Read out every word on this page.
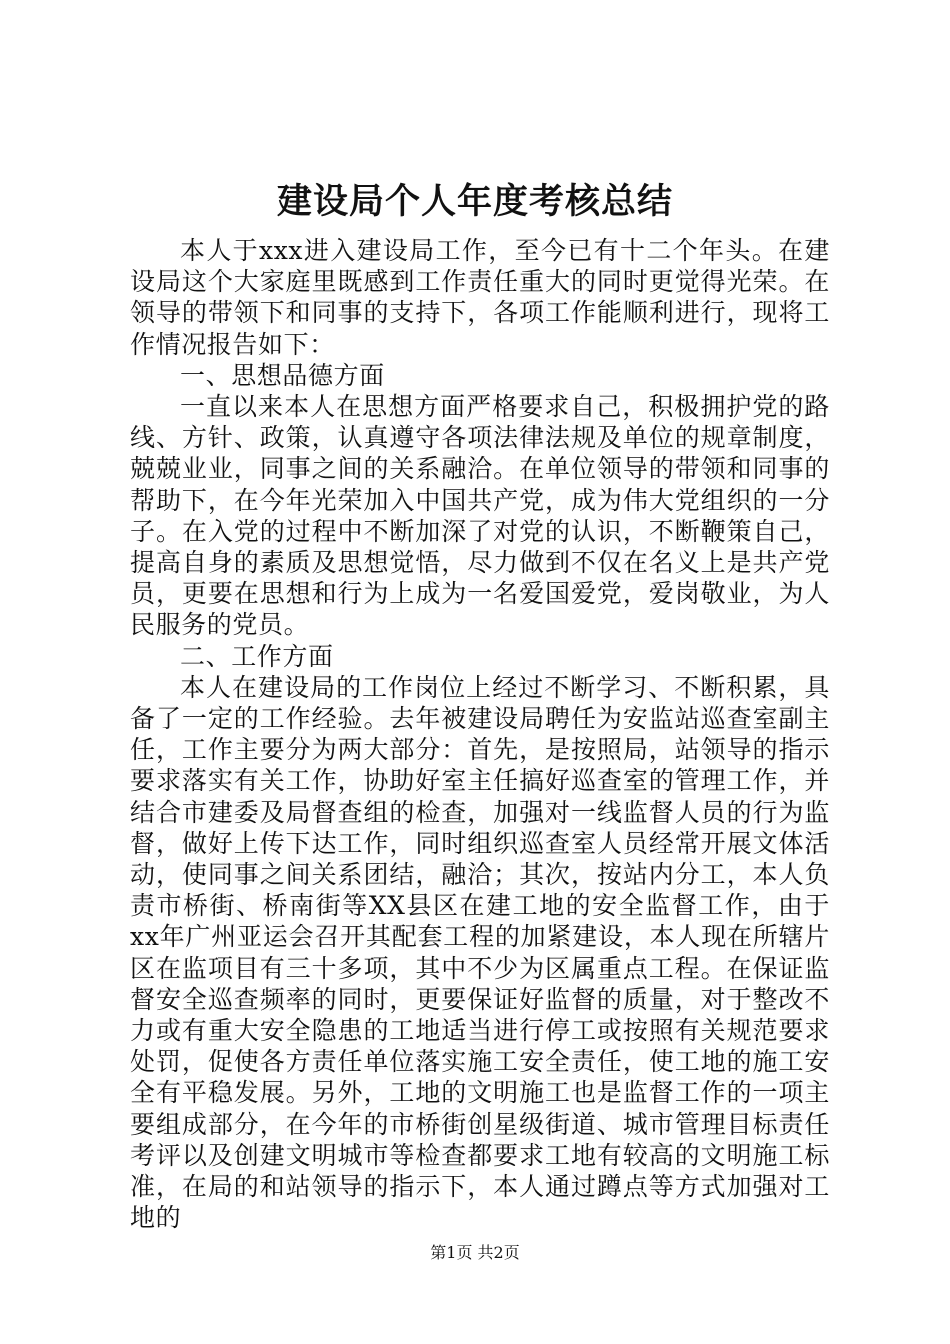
建设局个人年度考核总结

本人于xxx进入建设局工作，至今已有十二个年头。在建设局这个大家庭里既感到工作责任重大的同时更觉得光荣。在领导的带领下和同事的支持下，各项工作能顺利进行，现将工作情况报告如下：

一、思想品德方面

一直以来本人在思想方面严格要求自己，积极拥护党的路线、方针、政策，认真遵守各项法律法规及单位的规章制度，兢兢业业，同事之间的关系融洽。在单位领导的带领和同事的帮助下，在今年光荣加入中国共产党，成为伟大党组织的一分子。在入党的过程中不断加深了对党的认识，不断鞭策自己，提高自身的素质及思想觉悟，尽力做到不仅在名义上是共产党员，更要在思想和行为上成为一名爱国爱党，爱岗敬业，为人民服务的党员。

二、工作方面

本人在建设局的工作岗位上经过不断学习、不断积累，具备了一定的工作经验。去年被建设局聘任为安监站巡查室副主任，工作主要分为两大部分：首先，是按照局，站领导的指示要求落实有关工作，协助好室主任搞好巡查室的管理工作，并结合市建委及局督查组的检查，加强对一线监督人员的行为监督，做好上传下达工作，同时组织巡查室人员经常开展文体活动，使同事之间关系团结，融洽；其次，按站内分工，本人负责市桥街、桥南街等XX县区在建工地的安全监督工作，由于xx年广州亚运会召开其配套工程的加紧建设，本人现在所辖片区在监项目有三十多项，其中不少为区属重点工程。在保证监督安全巡查频率的同时，更要保证好监督的质量，对于整改不力或有重大安全隐患的工地适当进行停工或按照有关规范要求处罚，促使各方责任单位落实施工安全责任，使工地的施工安全有平稳发展。另外，工地的文明施工也是监督工作的一项主要组成部分，在今年的市桥街创星级街道、城市管理目标责任考评以及创建文明城市等检查都要求工地有较高的文明施工标准，在局的和站领导的指示下，本人通过蹲点等方式加强对工地的

第1页 共2页
